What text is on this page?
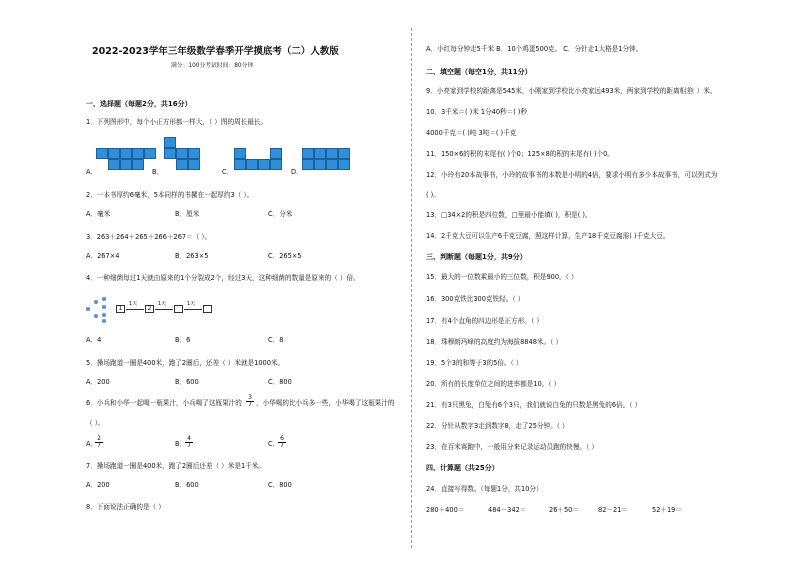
2022-2023学年三年级数学春季开学摸底考（二）人教版
满分：100分考试时间：80分钟
一、选择题（每题2分，共16分）
1．下列图形中，每个小正方形都一样大，（ ）图的周长最长。
A．	B．	C．	D．
2．一本书厚约6毫米，5本同样的书摞在一起厚约3（ ）。
A．毫米	B．厘米	C．分米
3．263＋264＋265＋266＋267＝（ ）。
A．267×4	B．263×5	C．265×5
4．一种细菌每过1天就由原来的1个分裂成2个，经过3天，这种细菌的数量是原来的（ ）倍。
1
1天
2
1天	1天
A．4	B．6	C．8
5．操场跑道一圈是400米，跑了2圈后，还差（ ）米就是1000米。
A．200	B．600	C．800
6．小兵和小华一起喝一瓶果汁，小兵喝了这瓶果汁的 $\frac{3}{7}$ ，小华喝的比小兵多一些，小华喝了这瓶果汁的
（ ）。
A．
$\frac{2}{7}$	B．
$\frac{4}{7}$	C．
$\frac{6}{7}$
7．操场跑道一圈是400米，跑了2圈后还差（ ）米是1千米。
A．200	B．600	C．800
8．下面说法正确的是（ ）
A．小红每分钟走5千米 B．10个鸡蛋500克。 C．分针走1大格是1分钟。
二、填空题（每空1分，共11分）
9．小亮家到学校的距离是545米，小刚家到学校比小亮家远493米，两家到学校的距离相差
（ ）米。
10．3千米＝( )米 1分40秒＝( )秒
4000千克＝( )吨 3吨＝( )千克
11．150×6的积的末尾有( )个0；125×8的积的末尾有( )个0。
12．小玲有20本故事书，小玲的故事书的本数是小明的4倍，要求小明有多少本故事书，可以列式为
( )。
13．□34×2的积是四位数，□里最小能填( )，积是( )。
14．2千克大豆可以生产6千克豆腐，照这样计算，生产18千克豆腐需( )千克大豆。
三、判断题（每题1分，共9分）
15．最大的一位数乘最小的三位数，积是900。（ ）
16．300克铁比300克铁轻。（ ）
17．有4个直角的四边形是正方形。（ ）
18．珠穆朗玛峰的高度约为海拔8848米。（ ）
19．5个3的和等于3的5倍。（ ）
20．所有的长度单位之间的进率都是10。（ ）
21．有3只黑兔，白兔有6个3只，我们就说白兔的只数是黑兔的6倍。（ ）
22．分针从数字3走到数字8，走了25分钟。（ ）
23．在百米赛跑中，一般用分来记录运动员跑的快慢。（ ）
四、计算题（共25分）
24．直接写得数。（每题1分，共10分）
280＋400＝	484－342＝	26＋50＝	82－21＝	52＋19＝
